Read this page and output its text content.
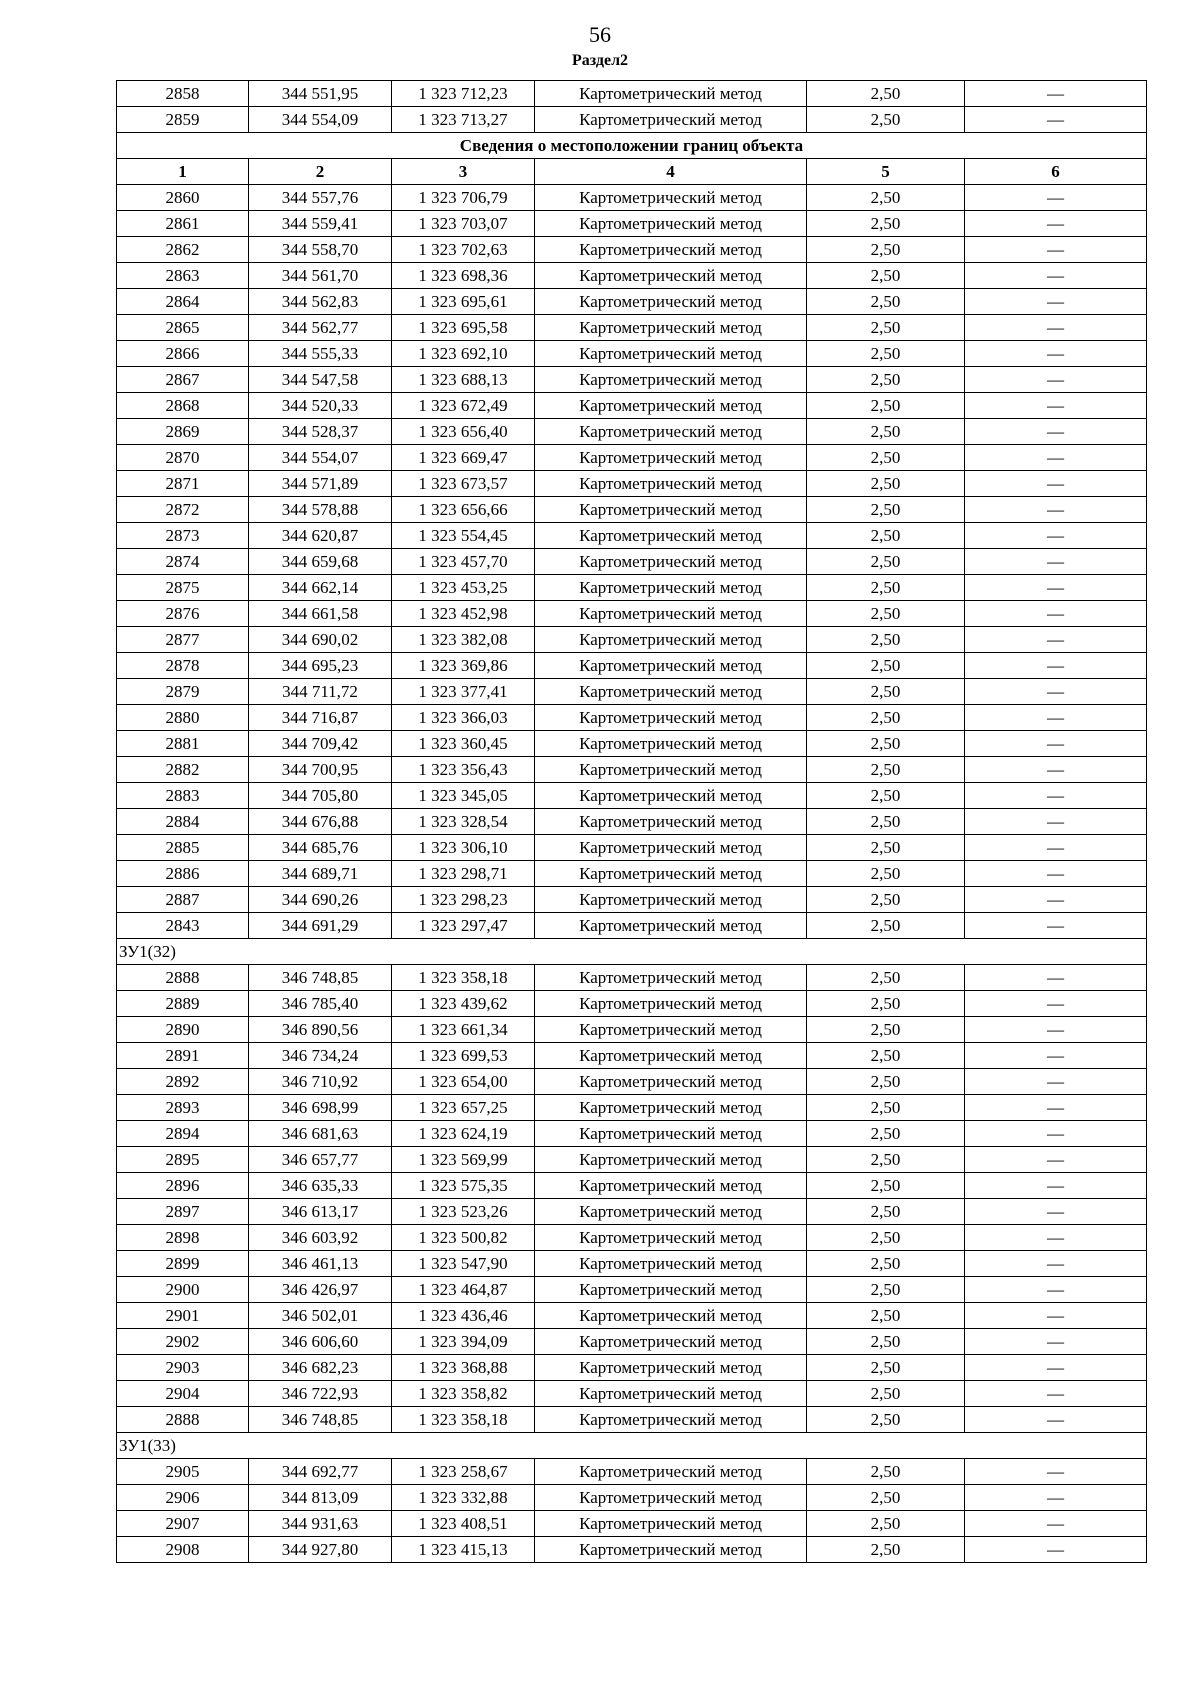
56
Раздел2
2858	344 551,95	1 323 712,23	Картометрический метод	2,50	—
2859	344 554,09	1 323 713,27	Картометрический метод	2,50	—
Сведения о местоположении границ объекта					
1	2	3	4	5	6
2860	344 557,76	1 323 706,79	Картометрический метод	2,50	—
2861	344 559,41	1 323 703,07	Картометрический метод	2,50	—
2862	344 558,70	1 323 702,63	Картометрический метод	2,50	—
2863	344 561,70	1 323 698,36	Картометрический метод	2,50	—
2864	344 562,83	1 323 695,61	Картометрический метод	2,50	—
2865	344 562,77	1 323 695,58	Картометрический метод	2,50	—
2866	344 555,33	1 323 692,10	Картометрический метод	2,50	—
2867	344 547,58	1 323 688,13	Картометрический метод	2,50	—
2868	344 520,33	1 323 672,49	Картометрический метод	2,50	—
2869	344 528,37	1 323 656,40	Картометрический метод	2,50	—
2870	344 554,07	1 323 669,47	Картометрический метод	2,50	—
2871	344 571,89	1 323 673,57	Картометрический метод	2,50	—
2872	344 578,88	1 323 656,66	Картометрический метод	2,50	—
2873	344 620,87	1 323 554,45	Картометрический метод	2,50	—
2874	344 659,68	1 323 457,70	Картометрический метод	2,50	—
2875	344 662,14	1 323 453,25	Картометрический метод	2,50	—
2876	344 661,58	1 323 452,98	Картометрический метод	2,50	—
2877	344 690,02	1 323 382,08	Картометрический метод	2,50	—
2878	344 695,23	1 323 369,86	Картометрический метод	2,50	—
2879	344 711,72	1 323 377,41	Картометрический метод	2,50	—
2880	344 716,87	1 323 366,03	Картометрический метод	2,50	—
2881	344 709,42	1 323 360,45	Картометрический метод	2,50	—
2882	344 700,95	1 323 356,43	Картометрический метод	2,50	—
2883	344 705,80	1 323 345,05	Картометрический метод	2,50	—
2884	344 676,88	1 323 328,54	Картометрический метод	2,50	—
2885	344 685,76	1 323 306,10	Картометрический метод	2,50	—
2886	344 689,71	1 323 298,71	Картометрический метод	2,50	—
2887	344 690,26	1 323 298,23	Картометрический метод	2,50	—
2843	344 691,29	1 323 297,47	Картометрический метод	2,50	—
ЗУ1(32)					
2888	346 748,85	1 323 358,18	Картометрический метод	2,50	—
2889	346 785,40	1 323 439,62	Картометрический метод	2,50	—
2890	346 890,56	1 323 661,34	Картометрический метод	2,50	—
2891	346 734,24	1 323 699,53	Картометрический метод	2,50	—
2892	346 710,92	1 323 654,00	Картометрический метод	2,50	—
2893	346 698,99	1 323 657,25	Картометрический метод	2,50	—
2894	346 681,63	1 323 624,19	Картометрический метод	2,50	—
2895	346 657,77	1 323 569,99	Картометрический метод	2,50	—
2896	346 635,33	1 323 575,35	Картометрический метод	2,50	—
2897	346 613,17	1 323 523,26	Картометрический метод	2,50	—
2898	346 603,92	1 323 500,82	Картометрический метод	2,50	—
2899	346 461,13	1 323 547,90	Картометрический метод	2,50	—
2900	346 426,97	1 323 464,87	Картометрический метод	2,50	—
2901	346 502,01	1 323 436,46	Картометрический метод	2,50	—
2902	346 606,60	1 323 394,09	Картометрический метод	2,50	—
2903	346 682,23	1 323 368,88	Картометрический метод	2,50	—
2904	346 722,93	1 323 358,82	Картометрический метод	2,50	—
2888	346 748,85	1 323 358,18	Картометрический метод	2,50	—
ЗУ1(33)					
2905	344 692,77	1 323 258,67	Картометрический метод	2,50	—
2906	344 813,09	1 323 332,88	Картометрический метод	2,50	—
2907	344 931,63	1 323 408,51	Картометрический метод	2,50	—
2908	344 927,80	1 323 415,13	Картометрический метод	2,50	—
